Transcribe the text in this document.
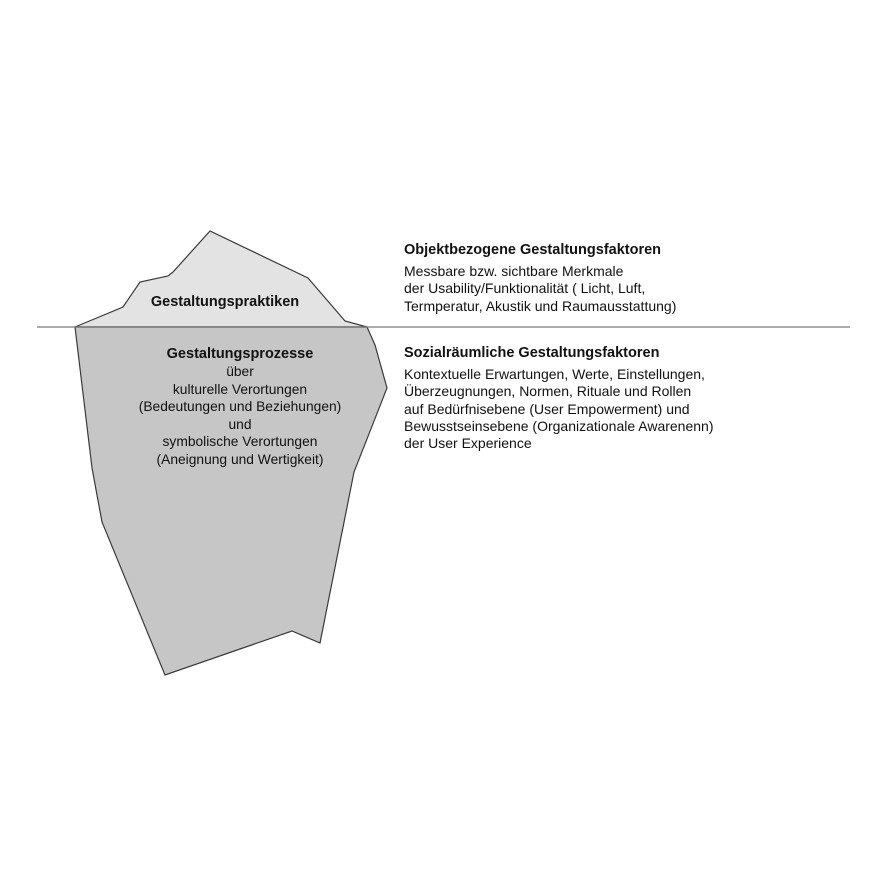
Gestaltungspraktiken
Gestaltungsprozesse
über
kulturelle Verortungen
(Bedeutungen und Beziehungen)
und
symbolische Verortungen
(Aneignung und Wertigkeit)
Objektbezogene Gestaltungsfaktoren
Messbare bzw. sichtbare Merkmale
der Usability/Funktionalität ( Licht, Luft,
Termperatur, Akustik und Raumausstattung)
Sozialräumliche Gestaltungsfaktoren
Kontextuelle Erwartungen, Werte, Einstellungen,
Überzeugnungen, Normen, Rituale und Rollen
auf Bedürfnisebene (User Empowerment) und
Bewusstseinsebene (Organizationale Awarenenn)
der User Experience
